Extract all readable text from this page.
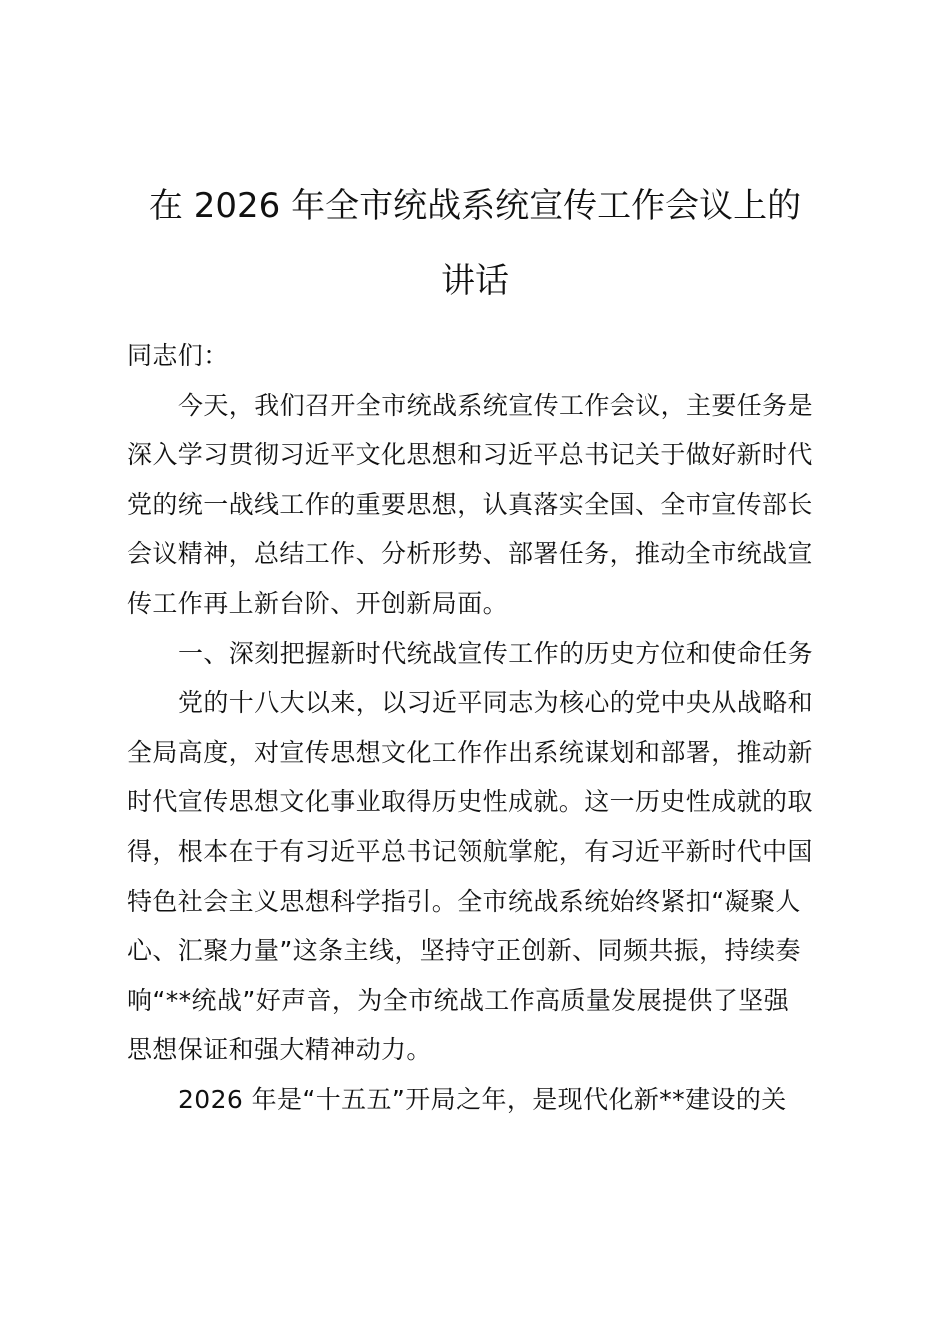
在 2026 年全市统战系统宣传工作会议上的
讲话
同志们：
今天，我们召开全市统战系统宣传工作会议，主要任务是
深入学习贯彻习近平文化思想和习近平总书记关于做好新时代
党的统一战线工作的重要思想，认真落实全国、全市宣传部长
会议精神，总结工作、分析形势、部署任务，推动全市统战宣
传工作再上新台阶、开创新局面。
一、深刻把握新时代统战宣传工作的历史方位和使命任务
党的十八大以来，以习近平同志为核心的党中央从战略和
全局高度，对宣传思想文化工作作出系统谋划和部署，推动新
时代宣传思想文化事业取得历史性成就。这一历史性成就的取
得，根本在于有习近平总书记领航掌舵，有习近平新时代中国
特色社会主义思想科学指引。全市统战系统始终紧扣“凝聚人
心、汇聚力量”这条主线，坚持守正创新、同频共振，持续奏
响“**统战”好声音，为全市统战工作高质量发展提供了坚强
思想保证和强大精神动力。
2026 年是“十五五”开局之年，是现代化新**建设的关
